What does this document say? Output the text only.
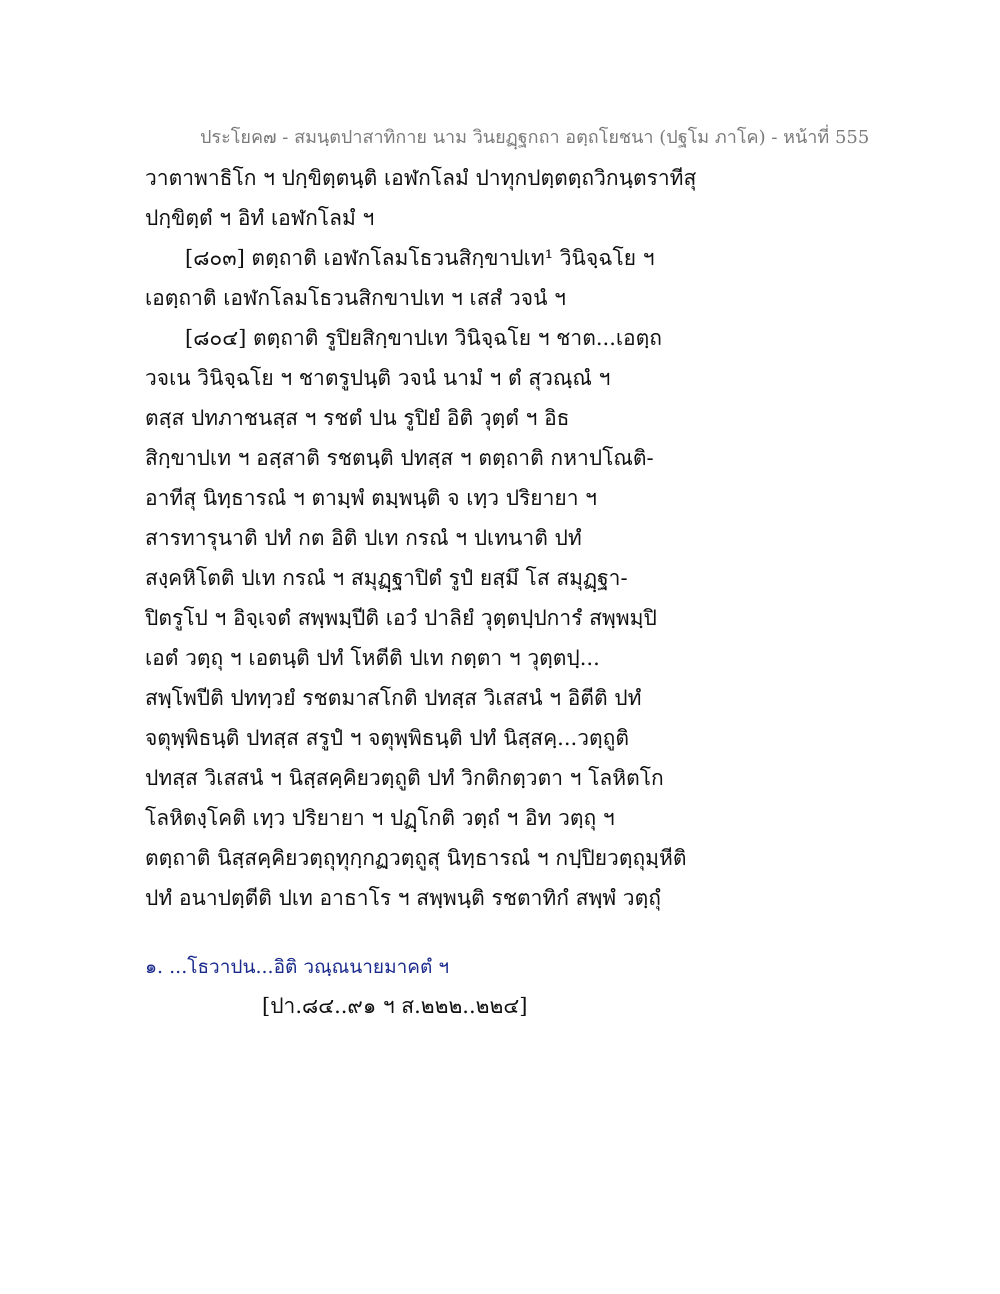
ประโยค๗ - สมนฺตปาสาทิกาย นาม วินยฏฺฐกถา อตฺถโยชนา (ปฐโม ภาโค) - หน้าที่ 555
วาตาพาธิโก ฯ ปกฺขิตฺตนฺติ เอฬกโลมํ ปาทุกปตฺตตฺถวิกนฺตราทีสุ
ปกฺขิตฺตํ ฯ อิทํ เอฬกโลมํ ฯ
[๘๐๓] ตตฺถาติ เอฬกโลมโธวนสิกฺขาปเท¹ วินิจฺฉโย ฯ
เอตฺถาติ เอฬกโลมโธวนสิกขาปเท ฯ เสสํ วจนํ ฯ
[๘๐๔] ตตฺถาติ รูปิยสิกฺขาปเท วินิจฺฉโย ฯ ชาต...เอตฺถ
วจเน วินิจฺฉโย ฯ ชาตรูปนฺติ วจนํ นามํ ฯ ตํ สุวณฺณํ ฯ
ตสฺส ปทภาชนสฺส ฯ รชตํ ปน รูปิยํ อิติ วุตฺตํ ฯ อิธ
สิกฺขาปเท ฯ อสฺสาติ รชตนฺติ ปทสฺส ฯ ตตฺถาติ กหาปโณติ-
อาทีสุ นิทฺธารณํ ฯ ตามฺพํ ตมฺพนฺติ จ เทฺว ปริยายา ฯ
สารทารุนาติ ปทํ กต อิติ ปเท กรณํ ฯ ปเทนาติ ปทํ
สงฺคหิโตติ ปเท กรณํ ฯ สมุฏฺฐาปิตํ รูปํ ยสฺมึ โส สมุฏฺฐา-
ปิตรูโป ฯ อิจฺเจตํ สพฺพมฺปีติ เอวํ ปาลิยํ วุตฺตปฺปการํ สพฺพมฺปิ
เอตํ วตฺถุ ฯ เอตนฺติ ปทํ โหตีติ ปเท กตฺตา ฯ วุตฺตปฺ...
สพฺโพปีติ ปททฺวยํ รชตมาสโกติ ปทสฺส วิเสสนํ ฯ อิตีติ ปทํ
จตุพฺพิธนฺติ ปทสฺส สรูปํ ฯ จตุพฺพิธนฺติ ปทํ นิสฺสคฺ...วตฺถูติ
ปทสฺส วิเสสนํ ฯ นิสฺสคฺคิยวตฺถูติ ปทํ วิกติกตฺวตา ฯ โลหิตโก
โลหิตงฺโคติ เทฺว ปริยายา ฯ ปฏฺโกติ วตฺถํ ฯ อิท วตฺถุ ฯ
ตตฺถาติ นิสฺสคฺคิยวตฺถุทุกฺกฏวตฺถูสุ นิทฺธารณํ ฯ กปฺปิยวตฺถุมฺหีติ
ปทํ อนาปตฺตีติ ปเท อาธาโร ฯ สพฺพนฺติ รชตาทิกํ สพฺพํ วตฺถุํ
๑. ...โธวาปน...อิติ วณฺณนายมาคตํ ฯ
[ปา.๘๔..๙๑ ฯ ส.๒๒๒..๒๒๔]
